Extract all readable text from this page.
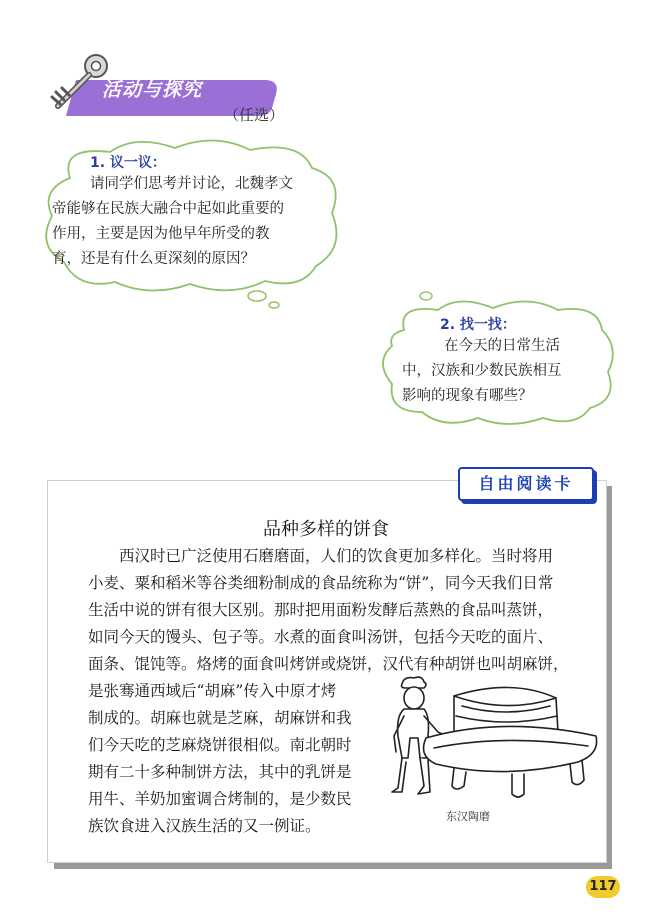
活动与探究
（任选）
1. 议一议：
请同学们思考并讨论，北魏孝文
帝能够在民族大融合中起如此重要的
作用，主要是因为他早年所受的教
育，还是有什么更深刻的原因？
2. 找一找：
在今天的日常生活
中，汉族和少数民族相互
影响的现象有哪些？
自由阅读卡
品种多样的饼食
西汉时已广泛使用石磨磨面，人们的饮食更加多样化。当时将用
小麦、粟和稻米等谷类细粉制成的食品统称为“饼”，同今天我们日常
生活中说的饼有很大区别。那时把用面粉发酵后蒸熟的食品叫蒸饼，
如同今天的馒头、包子等。水煮的面食叫汤饼，包括今天吃的面片、
面条、馄饨等。烙烤的面食叫烤饼或烧饼，汉代有种胡饼也叫胡麻饼，
是张骞通西域后“胡麻”传入中原才烤
制成的。胡麻也就是芝麻，胡麻饼和我
们今天吃的芝麻烧饼很相似。南北朝时
期有二十多种制饼方法，其中的乳饼是
用牛、羊奶加蜜调合烤制的，是少数民
族饮食进入汉族生活的又一例证。
东汉陶磨
117
